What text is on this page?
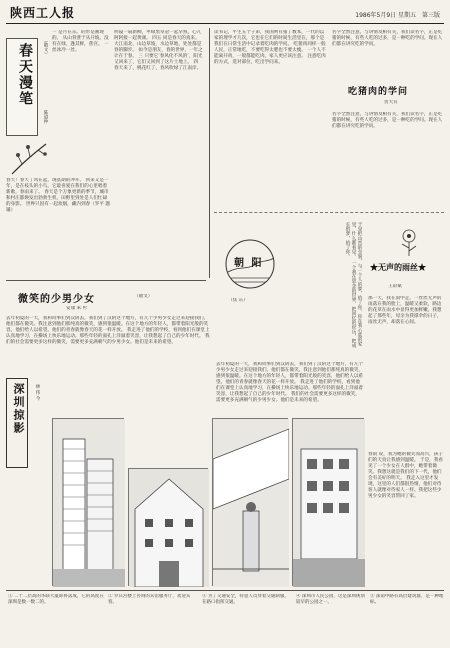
陕西工人报	1986年5月9日 星期五 第三版
春天漫笔	（散文）
陈道仲
一 是月在东。的形是画现的。 从山背泄于从开坡。没有在绿，逢其鲜，蕉宫。 一丝冰冷一丝。
春天！春天了风在起，现基期的冲开。 到来又是一年，是在枝头的小鸟。它最喜爱在我们的心里唱着新歌，春雨来了。 春天是个万象更新的季节，城市和村庄都焕发出勃勃生机，田野里到处是人们忙碌的身影。 世界只因有一起炊烟，藏内到春（罗平 题辅）
明镜一扇新柳，枣绿黑草冠一起早熟，心几阿阿接一起黄颜。 四五 同是春天的真来。 大江南北，山边草坡，水边草地，处处都是春的脚步。 如今是朋友，春的世界，一年之计在于春。 三 只要它‘春风化不风的’，阳光又回来了，它们又回到了这片土地上。 四 春天来了，桃花红了，春风吹绿了江南岸。
读书记，平生五个子弟，我国则有猪了数本，一代的以家的理学才几次，它也在它们的时间生活里在，那个是我们在日常生活中记录着吃肉的学问。 吃猪肉同样一般人民，正常地吃，不要吃得太肥也不要太瘦。 一个人不能离开肉，一般都能吃肉，家人更应该注意。 注意吃肉的方式，选对部位，吃出学问来。
名字全然注意，与讲情及相有关，我们读名字，正是吃猪的时候，有些人吃的过多，是一种吃的学问。现在人们都在讲究吃的学问。
吃猪肉的学问
贺大有
名字全然注意，与讲情及相有关，我们读名字，正是吃猪的时候，有些人吃的过多，是一种吃的学问。现在人们都在讲究吃的学问。
朝 阳	于是把山峦的全貌，与一个人的梦，给了你，你在我心底的家里，什么都看见。 一个我在思念的世界，把回忆的经历，把成长的梦，给了你。
（焦 东）
★无声的雨丝★
王彩斌
那一天，我在雨中走，一丝丝无声的雨落在我的脸上，温暖又柔软，路边的花草在雨水中显得更加鲜嫩。我想起了那些年，母亲为我撑伞的日子，雨丝无声，却落在心间。
微笑的少男少女	（散文）
安康 朱 杉
去年初夏的一天，我和同事们到汉阴去，我们到了汉阴这个地方，有几个少男少女走过来迎接我们，他们都在微笑。我注意到他们那纯真的微笑，感到很温暖。在这个地方的年轻人，都带着阳光般的笑容，他们给人以希望。他们的青春就像春天的花一样开放。 我走进了他们的学校，看到他们在课堂上认真地学习，在操场上快乐地运动。那些年轻的面孔上洋溢着笑容，让我想起了自己的少年时代。 我们的社会需要更多这样的微笑，需要更多充满朝气的少男少女。他们是未来的希望。
去年初夏的一天，我和同事们到汉阴去，我们到了汉阴这个地方，有几个少男少女走过来迎接我们，他们都在微笑。我注意到他们那纯真的微笑，感到很温暖。在这个地方的年轻人，都带着阳光般的笑容，他们给人以希望。他们的青春就像春天的花一样开放。 我走进了他们的学校，看到他们在课堂上认真地学习，在操场上快乐地运动。那些年轻的面孔上洋溢着笑容，让我想起了自己的少年时代。 我们的社会需要更多这样的微笑，需要更多充满朝气的少男少女。他们是未来的希望。
深圳掠影	林 伟 今
春雨 说，我为她的微笑而高兴，孩子们的天真让我感到温暖。 于是，我看见了一个少女在人群中，她带着微笑。我想这就是我们的下一代，他们会有美好的明天。 我走入这里才发现，这里的人们都很热情，他们对待客人就像对待家人一样。我把这些少男少女的笑容带回了家。
① 二十二层高的华联大厦即将落成，它的高度在深圳是数一数二的。
② 罗宾宫楼上咨询的宾馆服务厅，欢迎宾客。
③ 为了交通安全，特意人员穿着交通制服，在路口指挥交通。
④ 深圳市人民公园，这是深圳规划较早的公园之一。
⑤ 深南中路有高层建筑群，是一种地标。
